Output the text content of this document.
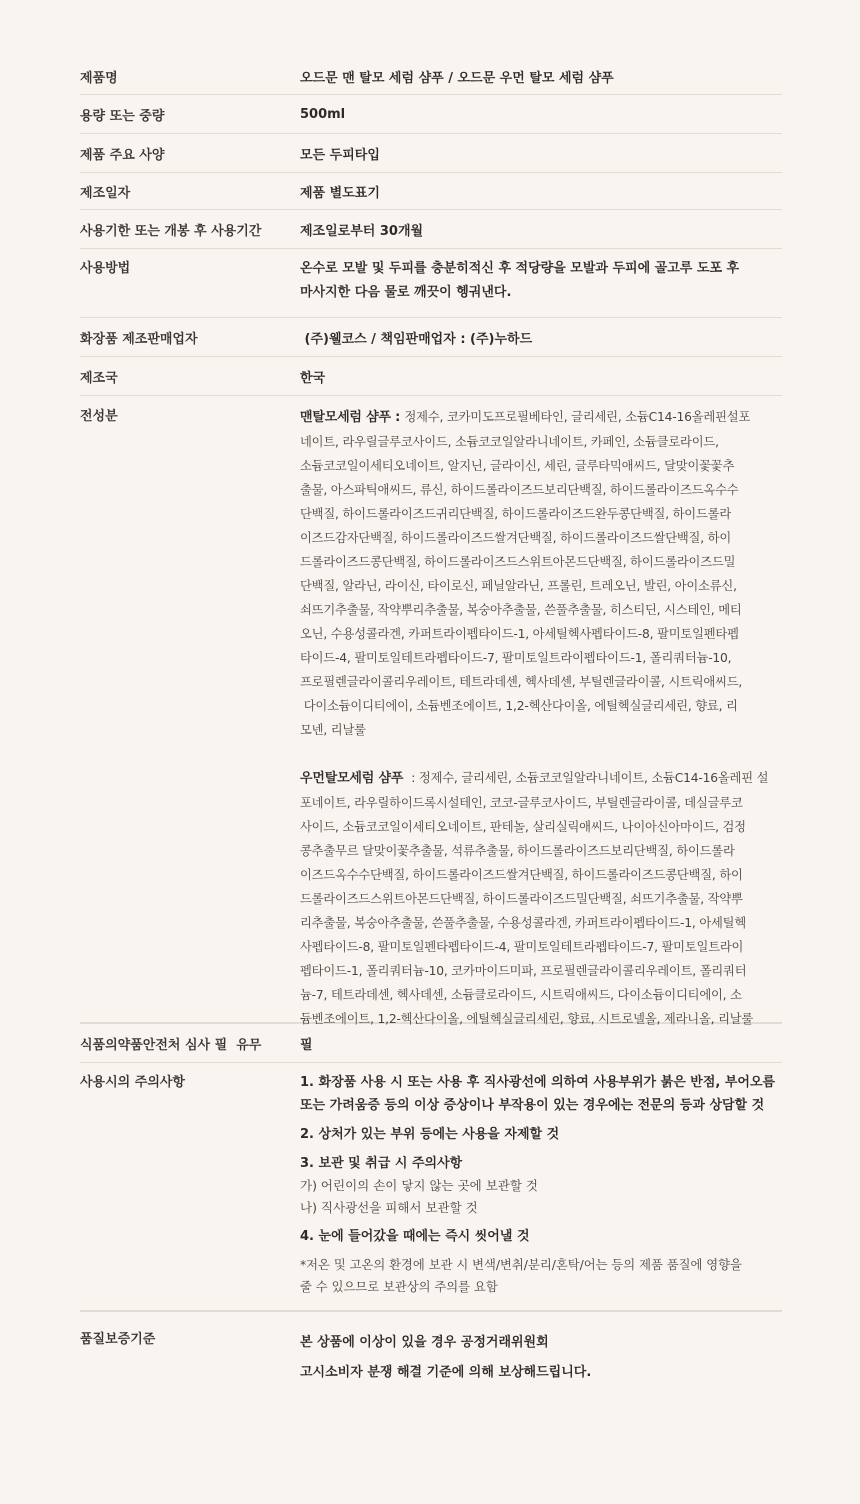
제품명	오드문 맨 탈모 세럼 샴푸 / 오드문 우먼 탈모 세럼 샴푸
용량 또는 중량	500ml
제품 주요 사양	모든 두피타입
제조일자	제품 별도표기
사용기한 또는 개봉 후 사용기간	제조일로부터 30개월
사용방법	온수로 모발 및 두피를 충분히적신 후 적당량을 모발과 두피에 골고루 도포 후

마사지한 다음 물로 깨끗이 헹궈낸다.

화장품 제조판매업자	(주)웰코스 / 책임판매업자 : (주)누하드
제조국	한국
전성분	맨탈모세럼 샴푸 : 정제수, 코카미도프로필베타인, 글리세린, 소듐C14-16올레핀설포

네이트, 라우릴글루코사이드, 소듐코코일알라니네이트, 카페인, 소듐클로라이드,

소듐코코일이세티오네이트, 알지닌, 글라이신, 세린, 글루타믹애씨드, 달맞이꽃꽃추

출물, 아스파틱애씨드, 류신, 하이드롤라이즈드보리단백질, 하이드롤라이즈드옥수수

단백질, 하이드롤라이즈드귀리단백질, 하이드롤라이즈드완두콩단백질, 하이드롤라

이즈드감자단백질, 하이드롤라이즈드쌀겨단백질, 하이드롤라이즈드쌀단백질, 하이

드롤라이즈드콩단백질, 하이드롤라이즈드스위트아몬드단백질, 하이드롤라이즈드밀

단백질, 알라닌, 라이신, 타이로신, 페닐알라닌, 프롤린, 트레오닌, 발린, 아이소류신,

쇠뜨기추출물, 작약뿌리추출물, 복숭아추출물, 쓴풀추출물, 히스티딘, 시스테인, 메티

오닌, 수용성콜라겐, 카퍼트라이펩타이드-1, 아세틸헥사펩타이드-8, 팔미토일펜타펩

타이드-4, 팔미토일테트라펩타이드-7, 팔미토일트라이펩타이드-1, 폴리쿼터늄-10,

프로필렌글라이콜리우레이트, 테트라데센, 헥사데센, 부틸렌글라이콜, 시트릭애씨드,

다이소듐이디티에이, 소듐벤조에이트, 1,2-헥산다이올, 에틸헥실글리세린, 향료, 리

모넨, 리날룰

우먼탈모세럼 샴푸  : 정제수, 글리세린, 소듐코코일알라니네이트, 소듐C14-16올레핀 설

포네이트, 라우릴하이드록시설테인, 코코-글루코사이드, 부틸렌글라이콜, 데실글루코

사이드, 소듐코코일이세티오네이트, 판테놀, 살리실릭애씨드, 나이아신아마이드, 검정

콩추출무르 달맞이꽃추출물, 석류추출물, 하이드롤라이즈드보리단백질, 하이드롤라

이즈드옥수수단백질, 하이드롤라이즈드쌀겨단백질, 하이드롤라이즈드콩단백질, 하이

드롤라이즈드스위트아몬드단백질, 하이드롤라이즈드밀단백질, 쇠뜨기추출물, 작약뿌

리추출물, 복숭아추출물, 쓴풀추출물, 수용성콜라겐, 카퍼트라이펩타이드-1, 아세틸헥

사펩타이드-8, 팔미토일펜타펩타이드-4, 팔미토일테트라펩타이드-7, 팔미토일트라이

펩타이드-1, 폴리쿼터늄-10, 코카마이드미파, 프로필렌글라이콜리우레이트, 폴리쿼터

늄-7, 테트라데센, 헥사데센, 소듐클로라이드, 시트릭애씨드, 다이소듐이디티에이, 소

듐벤조에이트, 1,2-헥산다이올, 에틸헥실글리세린, 향료, 시트로넬올, 제라니올, 리날룰

식품의약품안전처 심사 필  유무	필
사용시의 주의사항	1. 화장품 사용 시 또는 사용 후 직사광선에 의하여 사용부위가 붉은 반점, 부어오름
또는 가려움증 등의 이상 증상이나 부작용이 있는 경우에는 전문의 등과 상담할 것
2. 상처가 있는 부위 등에는 사용을 자제할 것
3. 보관 및 취급 시 주의사항
가) 어린이의 손이 닿지 않는 곳에 보관할 것
나) 직사광선을 피해서 보관할 것
4. 눈에 들어갔을 때에는 즉시 씻어낼 것
*저온 및 고온의 환경에 보관 시 변색/변취/분리/혼탁/어는 등의 제품 품질에 영향을
줄 수 있으므로 보관상의 주의를 요함
품질보증기준	본 상품에 이상이 있을 경우 공정거래위원회

고시소비자 분쟁 해결 기준에 의해 보상해드립니다.
